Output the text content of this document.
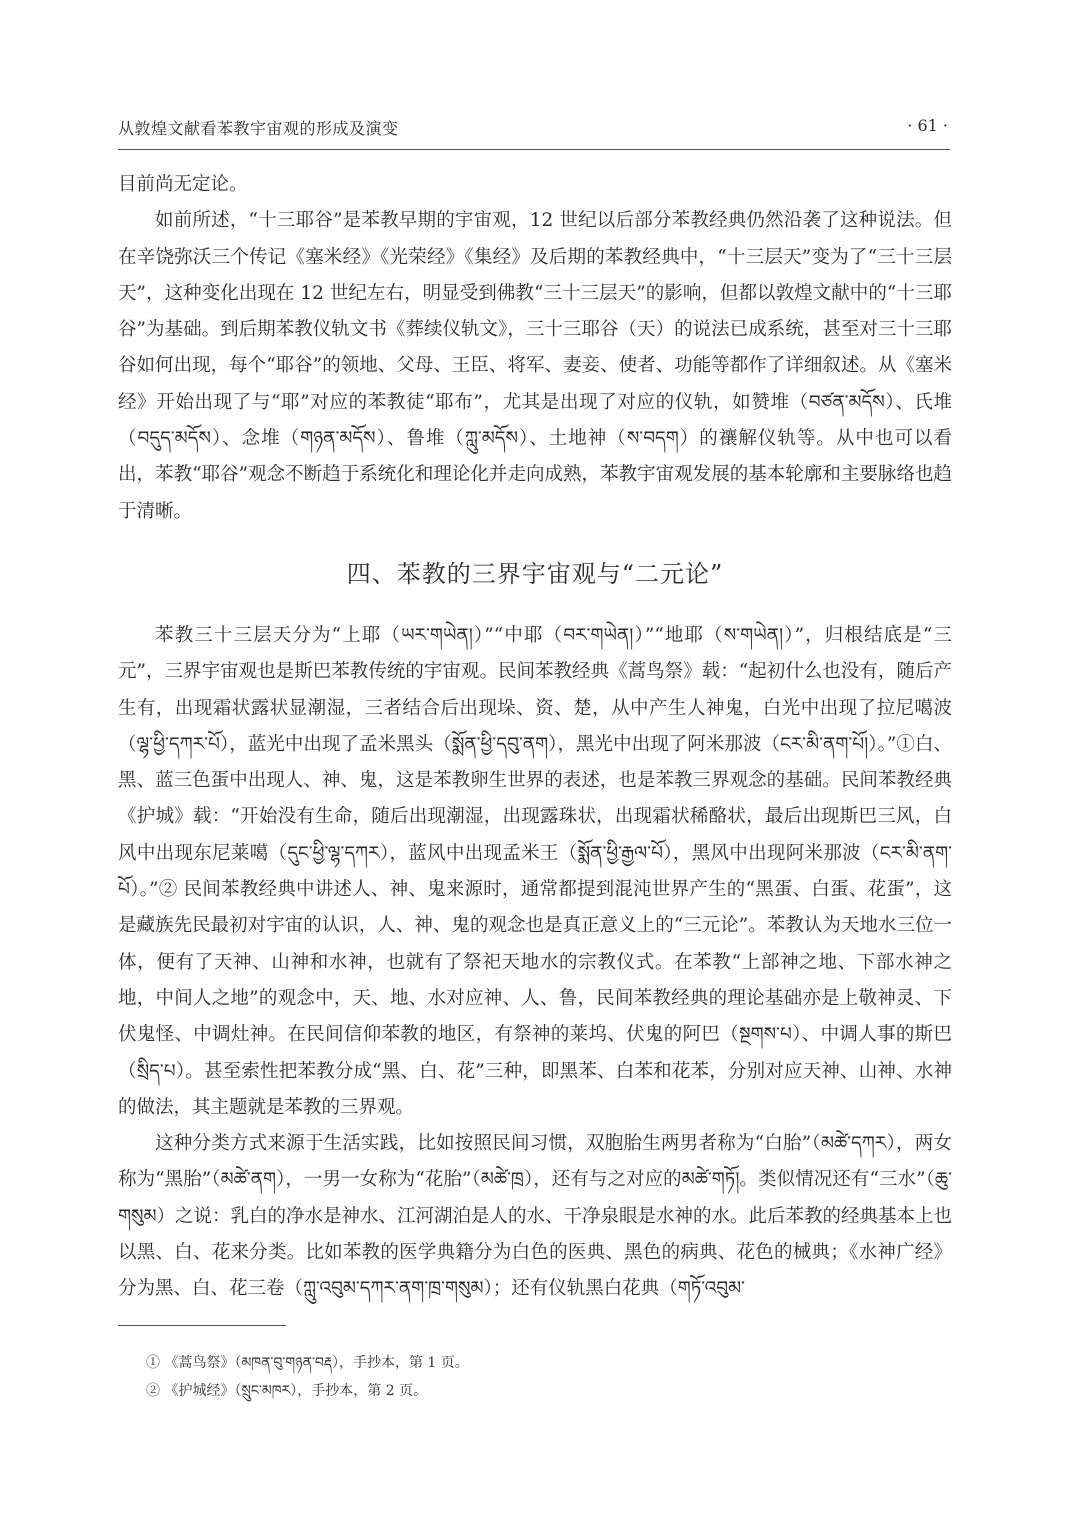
从敦煌文献看苯教宇宙观的形成及演变	· 61 ·

目前尚无定论。

如前所述，“十三耶谷”是苯教早期的宇宙观，12 世纪以后部分苯教经典仍然沿袭了这种说法。但在辛饶弥沃三个传记《塞米经》《光荣经》《集经》及后期的苯教经典中，“十三层天”变为了“三十三层天”，这种变化出现在 12 世纪左右，明显受到佛教“三十三层天”的影响，但都以敦煌文献中的“十三耶谷”为基础。到后期苯教仪轨文书《葬续仪轨文》，三十三耶谷（天）的说法已成系统，甚至对三十三耶谷如何出现，每个“耶谷”的领地、父母、王臣、将军、妻妾、使者、功能等都作了详细叙述。从《塞米经》开始出现了与“耶”对应的苯教徒“耶布”，尤其是出现了对应的仪轨，如赞堆（བཙན་མདོས）、氏堆（བདུད་མདོས）、念堆（གཉན་མདོས）、鲁堆（ཀླུ་མདོས）、土地神（ས་བདག）的禳解仪轨等。从中也可以看出，苯教“耶谷”观念不断趋于系统化和理论化并走向成熟，苯教宇宙观发展的基本轮廓和主要脉络也趋于清晰。

四、苯教的三界宇宙观与“二元论”

苯教三十三层天分为“上耶（ཡར་གཡེན།）”“中耶（བར་གཡེན།）”“地耶（ས་གཡེན།）”，归根结底是“三元”，三界宇宙观也是斯巴苯教传统的宇宙观。民间苯教经典《蒿鸟祭》载：“起初什么也没有，随后产生有，出现霜状露状显潮湿，三者结合后出现垛、资、楚，从中产生人神鬼，白光中出现了拉尼噶波（ལྷ་ཕྱི་དཀར་པོ），蓝光中出现了孟米黑头（སྨོན་ཕྱི་དབུ་ནག），黑光中出现了阿米那波（ངར་མི་ནག་པོ།）。”①白、黑、蓝三色蛋中出现人、神、鬼，这是苯教卵生世界的表述，也是苯教三界观念的基础。民间苯教经典《护城》载：“开始没有生命，随后出现潮湿，出现露珠状，出现霜状稀酪状，最后出现斯巴三风，白风中出现东尼莱噶（དུང་ཕྱི་ལྷ་དཀར），蓝风中出现孟米王（སྨོན་ཕྱི་རྒྱལ་པོ），黑风中出现阿米那波（ངར་མི་ནག་པོ）。”② 民间苯教经典中讲述人、神、鬼来源时，通常都提到混沌世界产生的“黑蛋、白蛋、花蛋”，这是藏族先民最初对宇宙的认识，人、神、鬼的观念也是真正意义上的“三元论”。苯教认为天地水三位一体，便有了天神、山神和水神，也就有了祭祀天地水的宗教仪式。在苯教“上部神之地、下部水神之地，中间人之地”的观念中，天、地、水对应神、人、鲁，民间苯教经典的理论基础亦是上敬神灵、下伏鬼怪、中调灶神。在民间信仰苯教的地区，有祭神的莱坞、伏鬼的阿巴（སྔགས་པ）、中调人事的斯巴（སྲིད་པ）。甚至索性把苯教分成“黑、白、花”三种，即黑苯、白苯和花苯，分别对应天神、山神、水神的做法，其主题就是苯教的三界观。

这种分类方式来源于生活实践，比如按照民间习惯，双胞胎生两男者称为“白胎”（མཚེ་དཀར），两女称为“黑胎”（མཚེ་ནག），一男一女称为“花胎”（མཚེ་ཁྲ），还有与之对应的མཚེ་གཏོ།。类似情况还有“三水”（ཆུ་གསུམ）之说：乳白的净水是神水、江河湖泊是人的水、干净泉眼是水神的水。此后苯教的经典基本上也以黑、白、花来分类。比如苯教的医学典籍分为白色的医典、黑色的病典、花色的械典；《水神广经》分为黑、白、花三卷（ཀླུ་འབུམ་དཀར་ནག་ཁྲ་གསུམ）；还有仪轨黑白花典（གཏོ་འབུམ་

① 《蒿鸟祭》（མཁན་བུ་གཉན་བརྡ），手抄本，第 1 页。
② 《护城经》（སྲུང་མཁར），手抄本，第 2 页。
